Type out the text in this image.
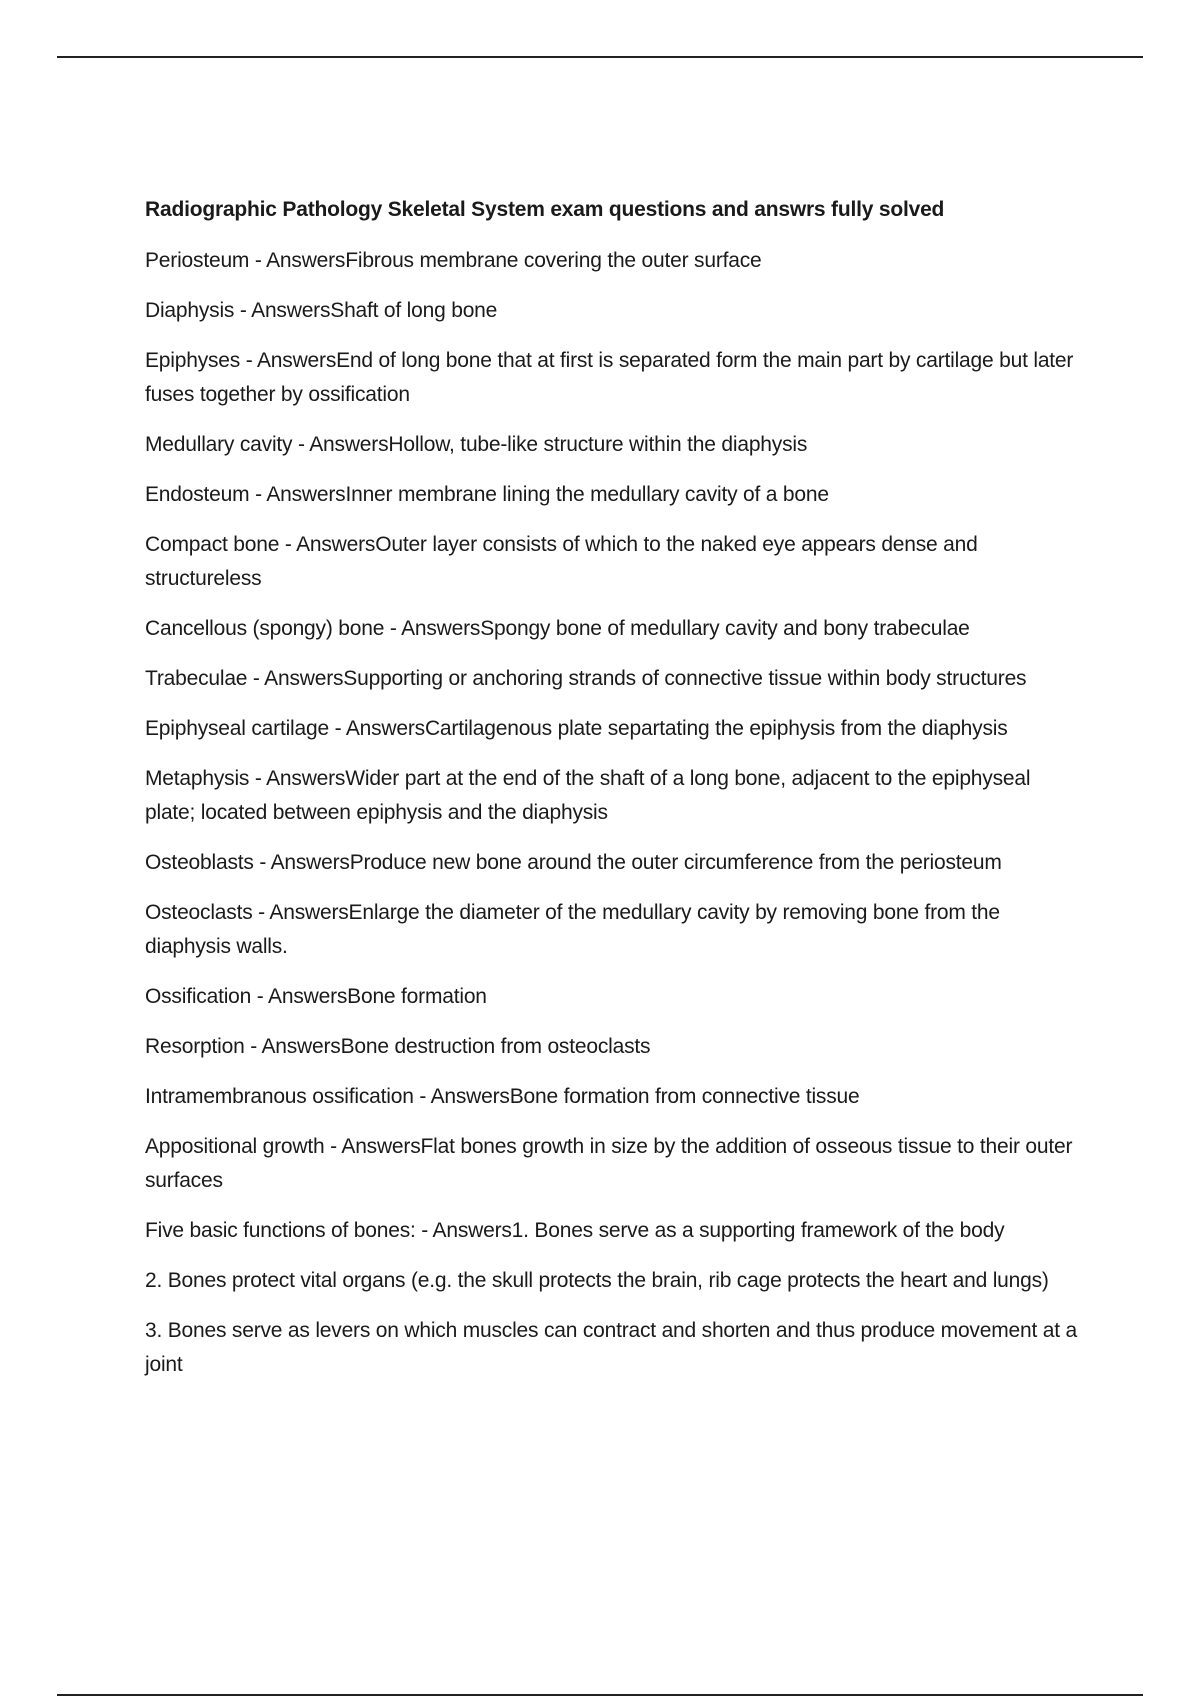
Radiographic Pathology Skeletal System exam questions and answrs fully solved

Periosteum - AnswersFibrous membrane covering the outer surface

Diaphysis - AnswersShaft of long bone

Epiphyses - AnswersEnd of long bone that at first is separated form the main part by cartilage but later fuses together by ossification

Medullary cavity - AnswersHollow, tube-like structure within the diaphysis

Endosteum - AnswersInner membrane lining the medullary cavity of a bone

Compact bone - AnswersOuter layer consists of which to the naked eye appears dense and structureless

Cancellous (spongy) bone - AnswersSpongy bone of medullary cavity and bony trabeculae

Trabeculae - AnswersSupporting or anchoring strands of connective tissue within body structures

Epiphyseal cartilage - AnswersCartilagenous plate separtating the epiphysis from the diaphysis

Metaphysis - AnswersWider part at the end of the shaft of a long bone, adjacent to the epiphyseal plate; located between epiphysis and the diaphysis

Osteoblasts - AnswersProduce new bone around the outer circumference from the periosteum

Osteoclasts - AnswersEnlarge the diameter of the medullary cavity by removing bone from the diaphysis walls.

Ossification - AnswersBone formation

Resorption - AnswersBone destruction from osteoclasts

Intramembranous ossification - AnswersBone formation from connective tissue

Appositional growth - AnswersFlat bones growth in size by the addition of osseous tissue to their outer surfaces

Five basic functions of bones: - Answers1. Bones serve as a supporting framework of the body

2. Bones protect vital organs (e.g. the skull protects the brain, rib cage protects the heart and lungs)

3. Bones serve as levers on which muscles can contract and shorten and thus produce movement at a joint
